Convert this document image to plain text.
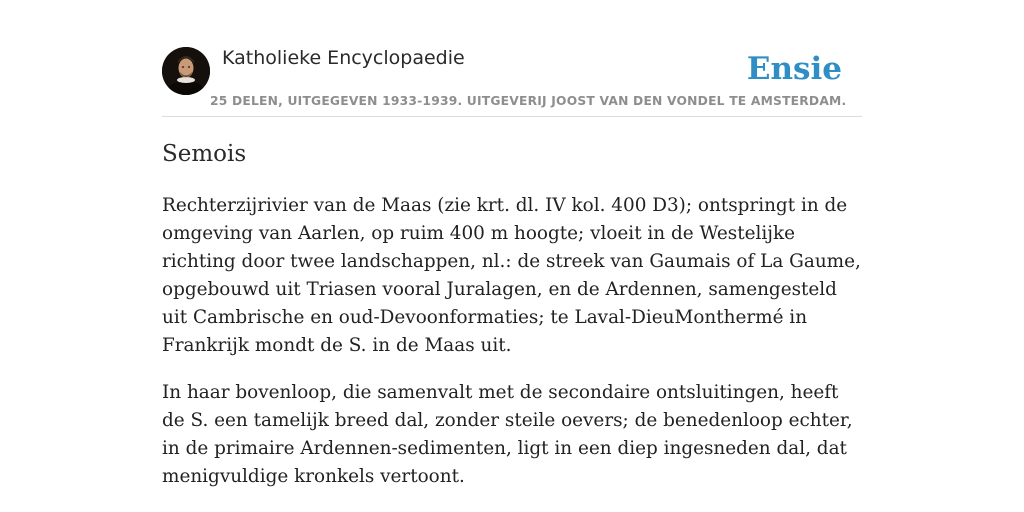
Katholieke Encyclopaedie
25 DELEN, UITGEGEVEN 1933-1939. UITGEVERIJ JOOST VAN DEN VONDEL TE AMSTERDAM.
Ensie
Semois

Rechterzijrivier van de Maas (zie krt. dl. IV kol. 400 D3); ontspringt in de omgeving van Aarlen, op ruim 400 m hoogte; vloeit in de Westelijke richting door twee landschappen, nl.: de streek van Gaumais of La Gaume, opgebouwd uit Triasen vooral Juralagen, en de Ardennen, samengesteld uit Cambrische en oud-Devoonformaties; te Laval-DieuMonthermé in Frankrijk mondt de S. in de Maas uit.

In haar bovenloop, die samenvalt met de secondaire ontsluitingen, heeft de S. een tamelijk breed dal, zonder steile oevers; de benedenloop echter, in de primaire Ardennen-sedimenten, ligt in een diep ingesneden dal, dat menigvuldige kronkels vertoont.
